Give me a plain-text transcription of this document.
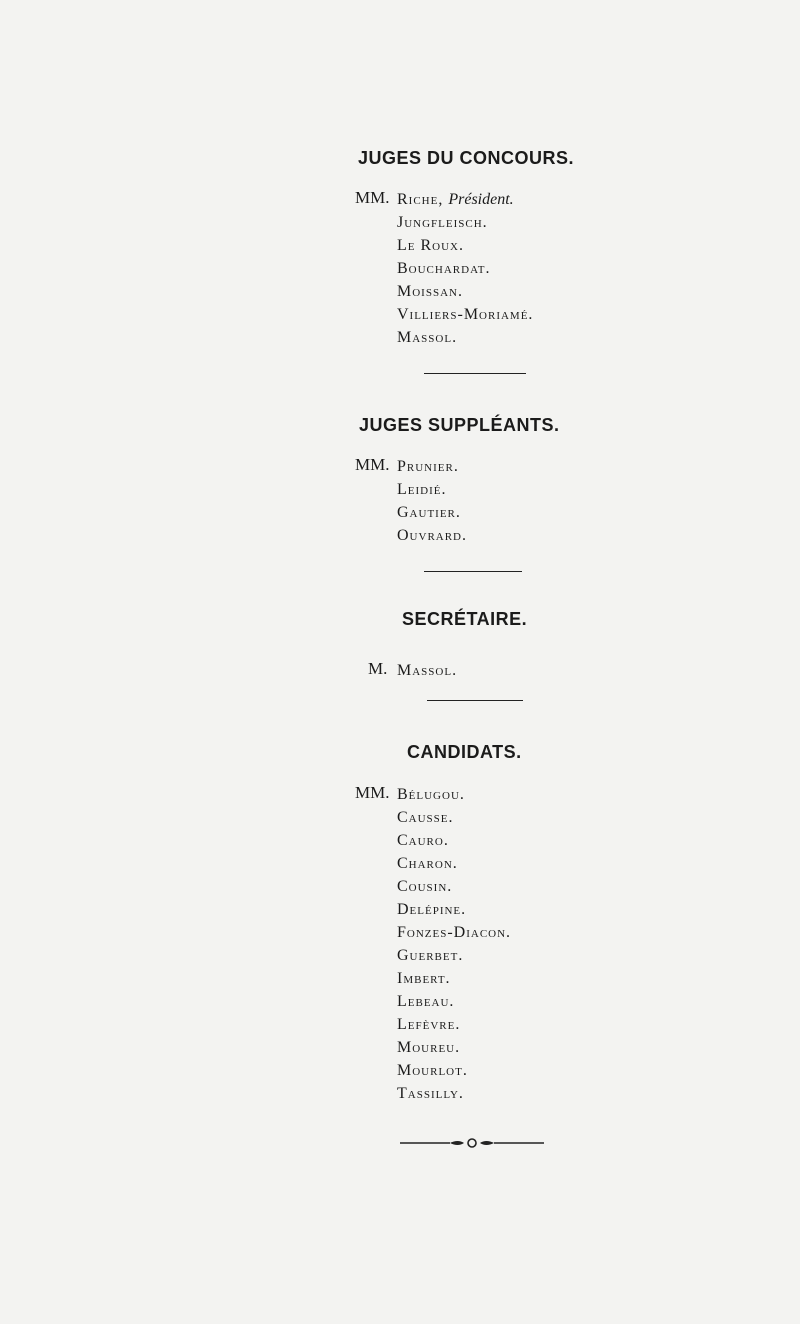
JUGES DU CONCOURS.
MM. Riche, Président.
Jungfleisch.
Le Roux.
Bouchardat.
Moissan.
Villiers-Moriamé.
Massol.
JUGES SUPPLÉANTS.
MM. Prunier.
Leidié.
Gautier.
Ouvrard.
SECRÉTAIRE.
M. Massol.
CANDIDATS.
MM. Bélugou.
Causse.
Cauro.
Charon.
Cousin.
Delépine.
Fonzes-Diacon.
Guerbet.
Imbert.
Lebeau.
Lefèvre.
Moureu.
Mourlot.
Tassilly.
